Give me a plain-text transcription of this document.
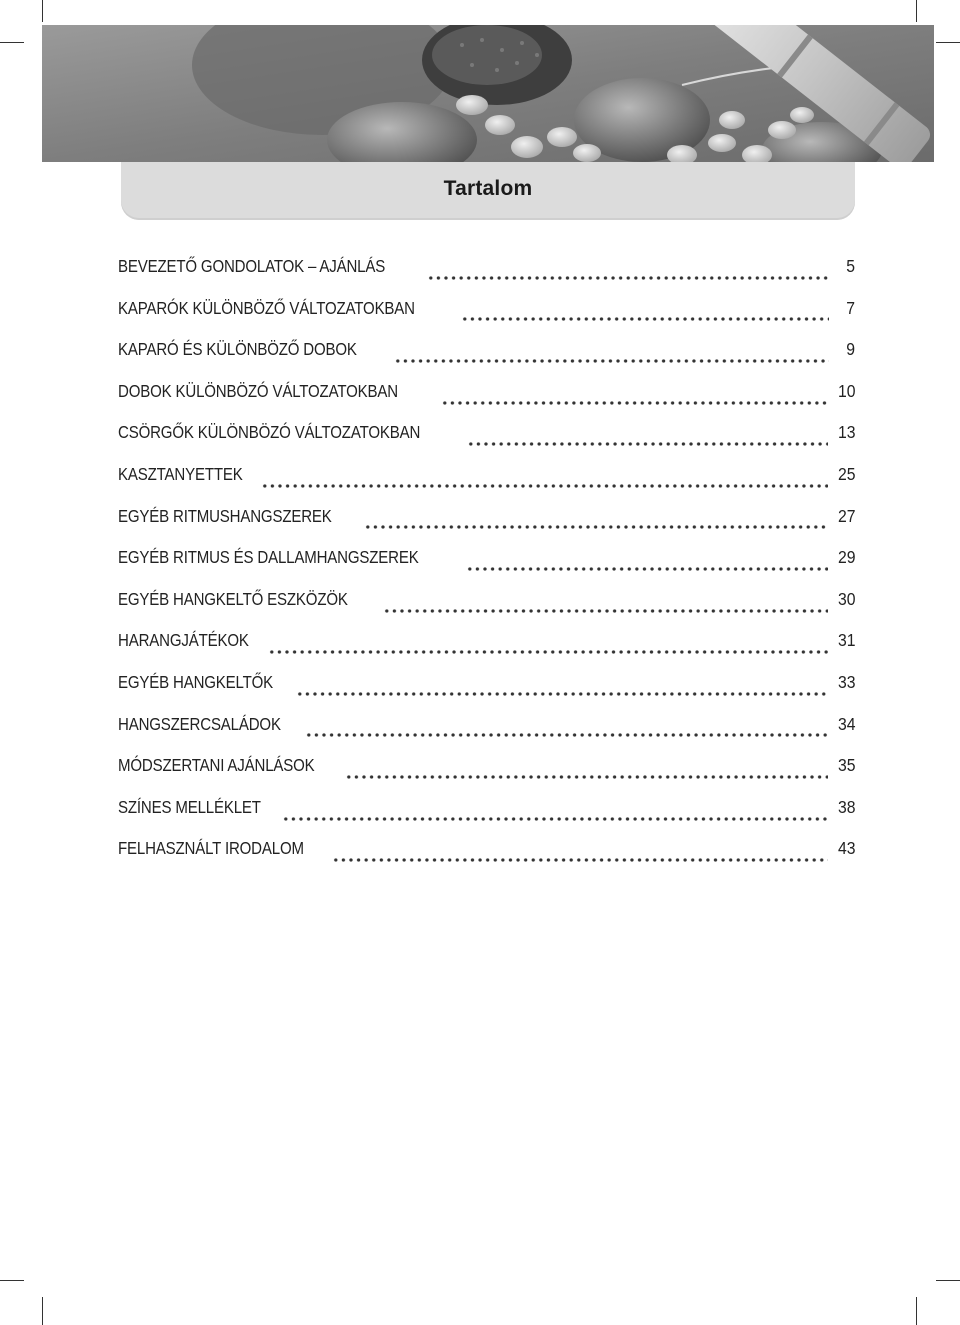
Tartalom
BEVEZETŐ GONDOLATOK – AJÁNLÁS	5
KAPARÓK KÜLÖNBÖZŐ VÁLTOZATOKBAN	7
KAPARÓ ÉS KÜLÖNBÖZŐ DOBOK	9
DOBOK KÜLÖNBÖZÓ VÁLTOZATOKBAN	10
CSÖRGŐK KÜLÖNBÖZÓ VÁLTOZATOKBAN	13
KASZTANYETTEK	25
EGYÉB RITMUSHANGSZEREK	27
EGYÉB RITMUS ÉS DALLAMHANGSZEREK	29
EGYÉB HANGKELTŐ ESZKÖZÖK	30
HARANGJÁTÉKOK	31
EGYÉB HANGKELTŐK	33
HANGSZERCSALÁDOK	34
MÓDSZERTANI AJÁNLÁSOK	35
SZÍNES MELLÉKLET	38
FELHASZNÁLT IRODALOM	43
